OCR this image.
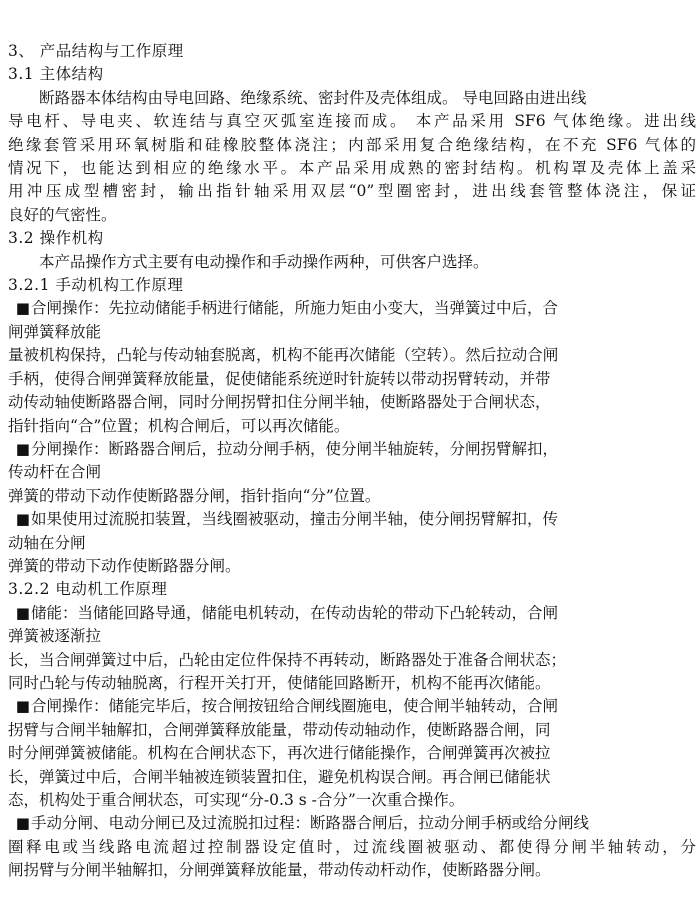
3、 产品结构与工作原理
3.1 主体结构
断路器本体结构由导电回路、绝缘系统、密封件及壳体组成。 导电回路由进出线
导电杆、导电夹、软连结与真空灭弧室连接而成。 本产品采用 SF6 气体绝缘。进出线
绝缘套管采用环氧树脂和硅橡胶整体浇注；内部采用复合绝缘结构，在不充 SF6 气体的
情况下，也能达到相应的绝缘水平。本产品采用成熟的密封结构。机构罩及壳体上盖采
用冲压成型槽密封，输出指针轴采用双层“0”型圈密封，进出线套管整体浇注，保证
良好的气密性。
3.2 操作机构
本产品操作方式主要有电动操作和手动操作两种，可供客户选择。
3.2.1 手动机构工作原理
■合闸操作：先拉动储能手柄进行储能，所施力矩由小变大，当弹簧过中后，合
闸弹簧释放能
量被机构保持，凸轮与传动轴套脱离，机构不能再次储能（空转）。然后拉动合闸
手柄，使得合闸弹簧释放能量，促使储能系统逆时针旋转以带动拐臂转动，并带
动传动轴使断路器合闸，同时分闸拐臂扣住分闸半轴，使断路器处于合闸状态，
指针指向“合”位置；机构合闸后，可以再次储能。
■分闸操作：断路器合闸后，拉动分闸手柄，使分闸半轴旋转，分闸拐臂解扣，
传动杆在合闸
弹簧的带动下动作使断路器分闸，指针指向“分”位置。
■如果使用过流脱扣装置，当线圈被驱动，撞击分闸半轴，使分闸拐臂解扣，传
动轴在分闸
弹簧的带动下动作使断路器分闸。
3.2.2 电动机工作原理
■储能：当储能回路导通，储能电机转动，在传动齿轮的带动下凸轮转动，合闸
弹簧被逐渐拉
长，当合闸弹簧过中后，凸轮由定位件保持不再转动，断路器处于准备合闸状态；
同时凸轮与传动轴脱离，行程开关打开，使储能回路断开，机构不能再次储能。
■合闸操作：储能完毕后，按合闸按钮给合闸线圈施电，使合闸半轴转动，合闸
拐臂与合闸半轴解扣，合闸弹簧释放能量，带动传动轴动作，使断路器合闸，同
时分闸弹簧被储能。机构在合闸状态下，再次进行储能操作，合闸弹簧再次被拉
长，弹簧过中后，合闸半轴被连锁装置扣住，避免机构误合闸。再合闸已储能状
态，机构处于重合闸状态，可实现“分-0.3 s -合分”一次重合操作。
■手动分闸、电动分闸已及过流脱扣过程：断路器合闸后，拉动分闸手柄或给分闸线
圈释电或当线路电流超过控制器设定值时，过流线圈被驱动、都使得分闸半轴转动，分
闸拐臂与分闸半轴解扣，分闸弹簧释放能量，带动传动杆动作，使断路器分闸。
